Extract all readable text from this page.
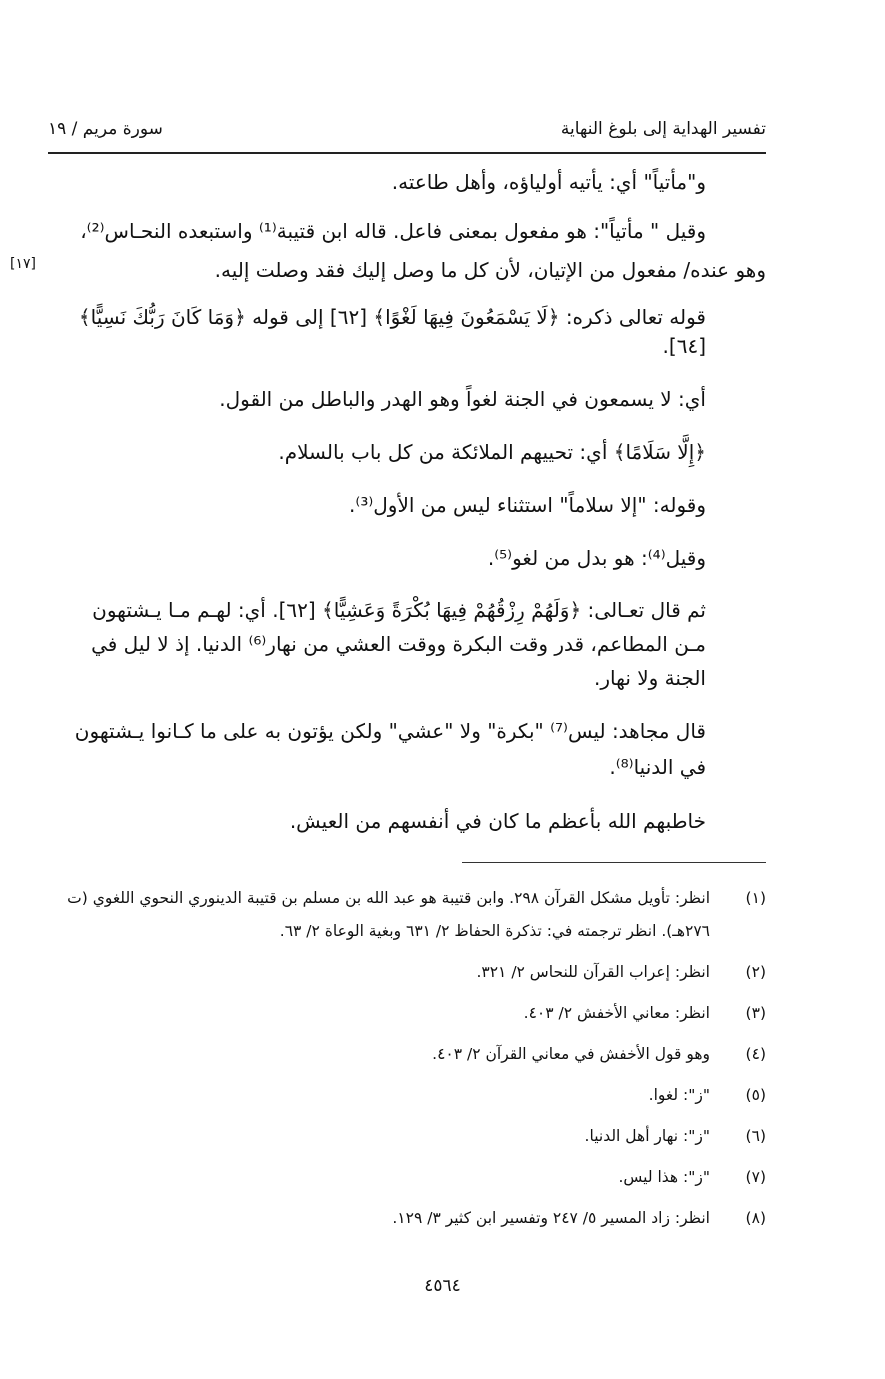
تفسير الهداية إلى بلوغ النهاية
سورة مريم / ١٩

و"مأتياً" أي: يأتيه أولياؤه، وأهل طاعته.

وقيل " مأتياً": هو مفعول بمعنى فاعل. قاله ابن قتيبة⁽¹⁾ واستبعده النحـاس⁽²⁾،

وهو عنده/ مفعول من الإتيان، لأن كل ما وصل إليك فقد وصلت إليه.

[١٧]

قوله تعالى ذكره: ﴿لَا يَسْمَعُونَ فِيهَا لَغْوًا﴾ [٦٢] إلى قوله ﴿وَمَا كَانَ رَبُّكَ نَسِيًّا﴾ [٦٤].

أي: لا يسمعون في الجنة لغواً وهو الهدر والباطل من القول.

﴿إِلَّا سَلَامًا﴾ أي: تحييهم الملائكة من كل باب بالسلام.

وقوله: "إلا سلاماً" استثناء ليس من الأول⁽³⁾.

وقيل⁽⁴⁾: هو بدل من لغو⁽⁵⁾.

ثم قال تعـالى: ﴿وَلَهُمْ رِزْقُهُمْ فِيهَا بُكْرَةً وَعَشِيًّا﴾ [٦٢]. أي: لهـم مـا يـشتهون مـن المطاعم، قدر وقت البكرة ووقت العشي من نهار⁽⁶⁾ الدنيا. إذ لا ليل في الجنة ولا نهار.

قال مجاهد: ليس⁽⁷⁾ "بكرة" ولا "عشي" ولكن يؤتون به على ما كـانوا يـشتهون في الدنيا⁽⁸⁾.

خاطبهم الله بأعظم ما كان في أنفسهم من العيش.

(١)
انظر: تأويل مشكل القرآن ٢٩٨. وابن قتيبة هو عبد الله بن مسلم بن قتيبة الدينوري النحوي اللغوي (ت ٢٧٦هـ). انظر ترجمته في: تذكرة الحفاظ ٢/ ٦٣١ وبغية الوعاة ٢/ ٦٣.
(٢)
انظر: إعراب القرآن للنحاس ٢/ ٣٢١.
(٣)
انظر: معاني الأخفش ٢/ ٤٠٣.
(٤)
وهو قول الأخفش في معاني القرآن ٢/ ٤٠٣.
(٥)
"ز": لغوا.
(٦)
"ز": نهار أهل الدنيا.
(٧)
"ز": هذا ليس.
(٨)
انظر: زاد المسير ٥/ ٢٤٧ وتفسير ابن كثير ٣/ ١٢٩.
٤٥٦٤
